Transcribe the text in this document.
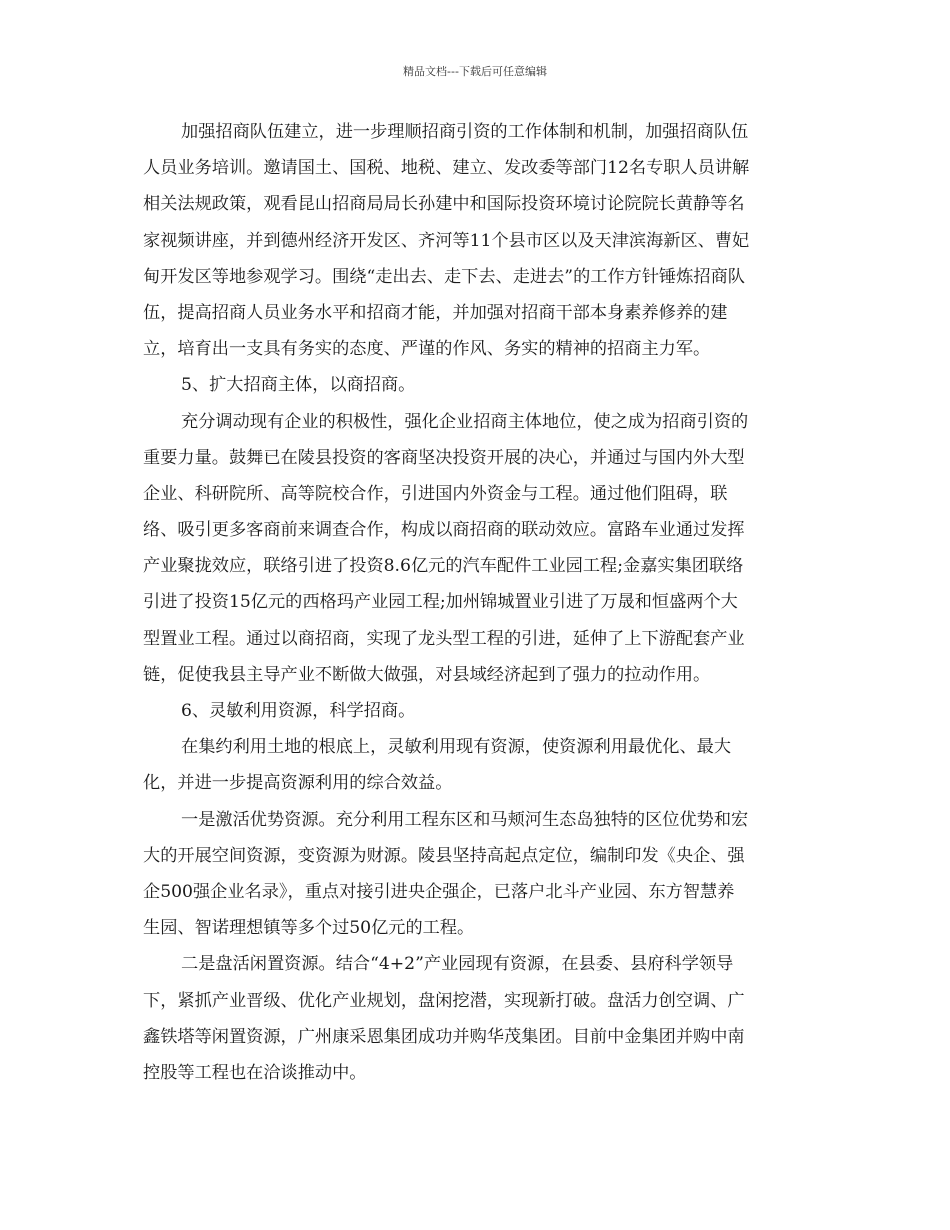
精品文档---下载后可任意编辑
加强招商队伍建立，进一步理顺招商引资的工作体制和机制，加强招商队伍
人员业务培训。邀请国土、国税、地税、建立、发改委等部门12名专职人员讲解
相关法规政策，观看昆山招商局局长孙建中和国际投资环境讨论院院长黄静等名
家视频讲座，并到德州经济开发区、齐河等11个县市区以及天津滨海新区、曹妃
甸开发区等地参观学习。围绕“走出去、走下去、走进去”的工作方针锤炼招商队
伍，提高招商人员业务水平和招商才能，并加强对招商干部本身素养修养的建
立，培育出一支具有务实的态度、严谨的作风、务实的精神的招商主力军。
5、扩大招商主体，以商招商。
充分调动现有企业的积极性，强化企业招商主体地位，使之成为招商引资的
重要力量。鼓舞已在陵县投资的客商坚决投资开展的决心，并通过与国内外大型
企业、科研院所、高等院校合作，引进国内外资金与工程。通过他们阻碍，联
络、吸引更多客商前来调查合作，构成以商招商的联动效应。富路车业通过发挥
产业聚拢效应，联络引进了投资8.6亿元的汽车配件工业园工程;金嘉实集团联络
引进了投资15亿元的西格玛产业园工程;加州锦城置业引进了万晟和恒盛两个大
型置业工程。通过以商招商，实现了龙头型工程的引进，延伸了上下游配套产业
链，促使我县主导产业不断做大做强，对县域经济起到了强力的拉动作用。
6、灵敏利用资源，科学招商。
在集约利用土地的根底上，灵敏利用现有资源，使资源利用最优化、最大
化，并进一步提高资源利用的综合效益。
一是激活优势资源。充分利用工程东区和马颊河生态岛独特的区位优势和宏
大的开展空间资源，变资源为财源。陵县坚持高起点定位，编制印发《央企、强
企500强企业名录》，重点对接引进央企强企，已落户北斗产业园、东方智慧养
生园、智诺理想镇等多个过50亿元的工程。
二是盘活闲置资源。结合“4+2”产业园现有资源，在县委、县府科学领导
下，紧抓产业晋级、优化产业规划，盘闲挖潜，实现新打破。盘活力创空调、广
鑫铁塔等闲置资源，广州康采恩集团成功并购华茂集团。目前中金集团并购中南
控股等工程也在洽谈推动中。
